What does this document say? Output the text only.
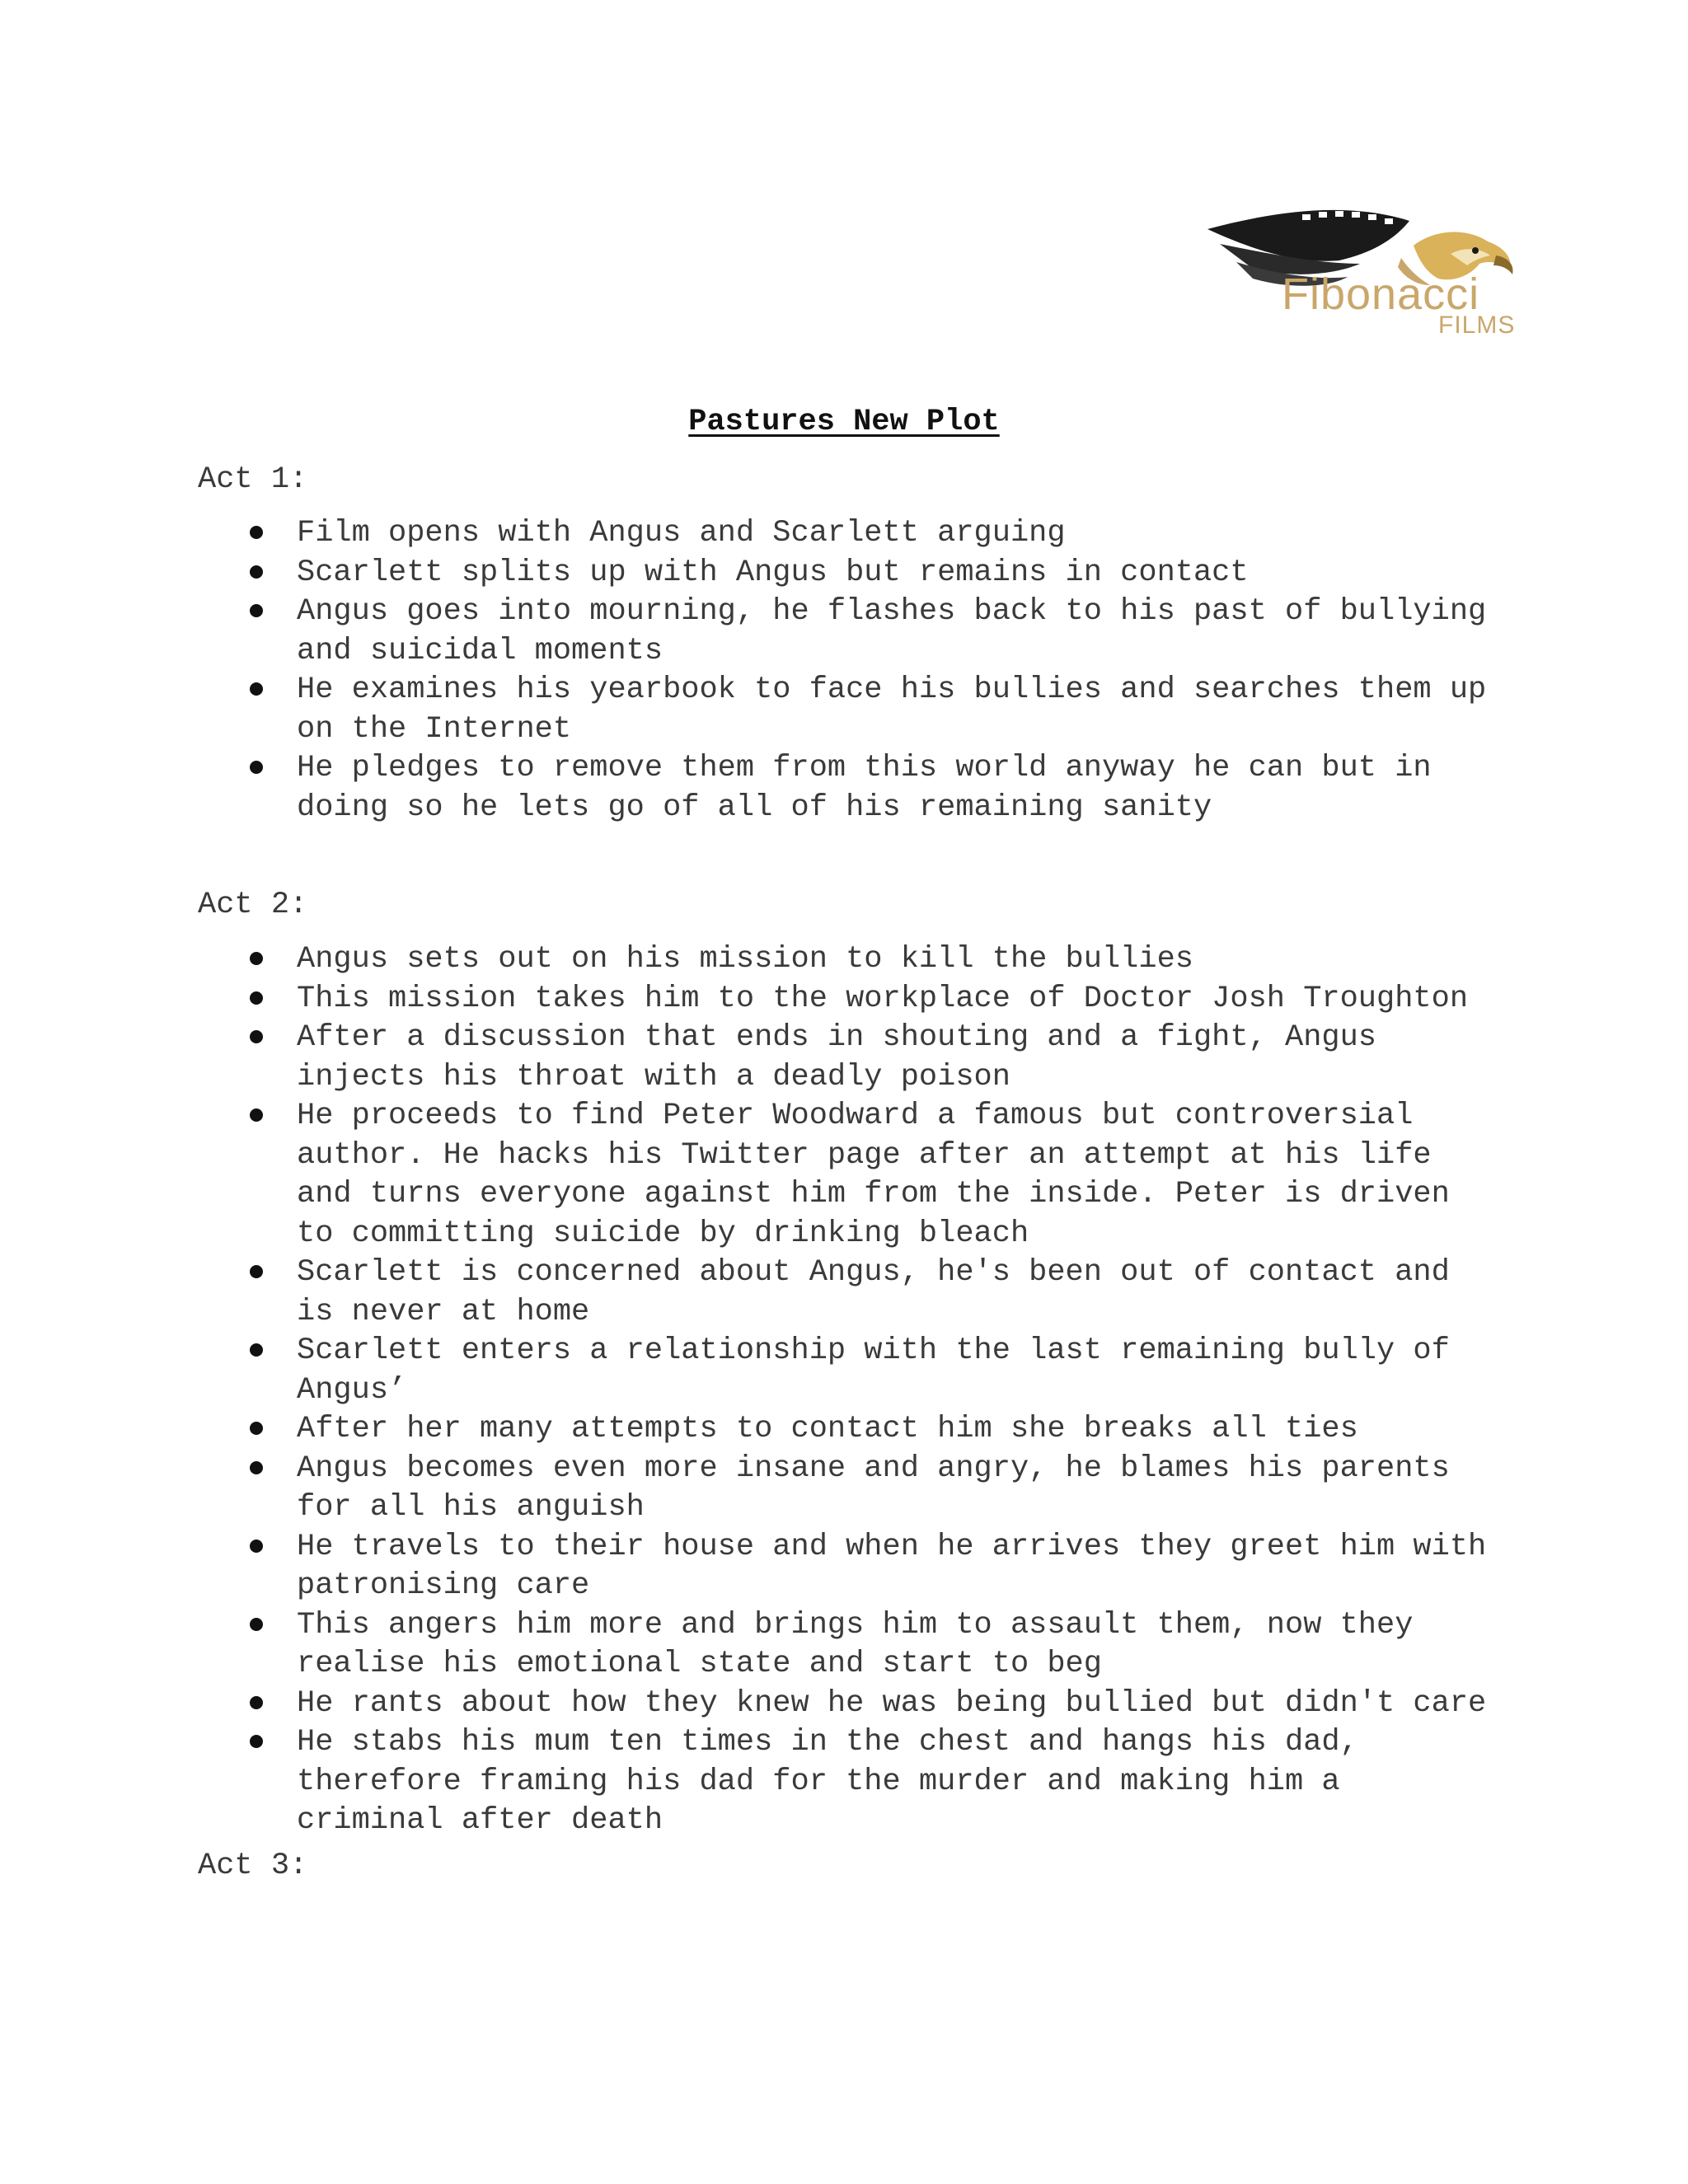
Fibonacci
FILMS
Pastures New Plot
Act 1:
Film opens with Angus and Scarlett arguing
Scarlett splits up with Angus but remains in contact
Angus goes into mourning, he flashes back to his past of bullying
and suicidal moments
He examines his yearbook to face his bullies and searches them up
on the Internet
He pledges to remove them from this world anyway he can but in
doing so he lets go of all of his remaining sanity
Act 2:
Angus sets out on his mission to kill the bullies
This mission takes him to the workplace of Doctor Josh Troughton
After a discussion that ends in shouting and a fight, Angus
injects his throat with a deadly poison
He proceeds to find Peter Woodward a famous but controversial
author. He hacks his Twitter page after an attempt at his life
and turns everyone against him from the inside. Peter is driven
to committing suicide by drinking bleach
Scarlett is concerned about Angus, he's been out of contact and
is never at home
Scarlett enters a relationship with the last remaining bully of
Angus’
After her many attempts to contact him she breaks all ties
Angus becomes even more insane and angry, he blames his parents
for all his anguish
He travels to their house and when he arrives they greet him with
patronising care
This angers him more and brings him to assault them, now they
realise his emotional state and start to beg
He rants about how they knew he was being bullied but didn't care
He stabs his mum ten times in the chest and hangs his dad,
therefore framing his dad for the murder and making him a
criminal after death
Act 3:
